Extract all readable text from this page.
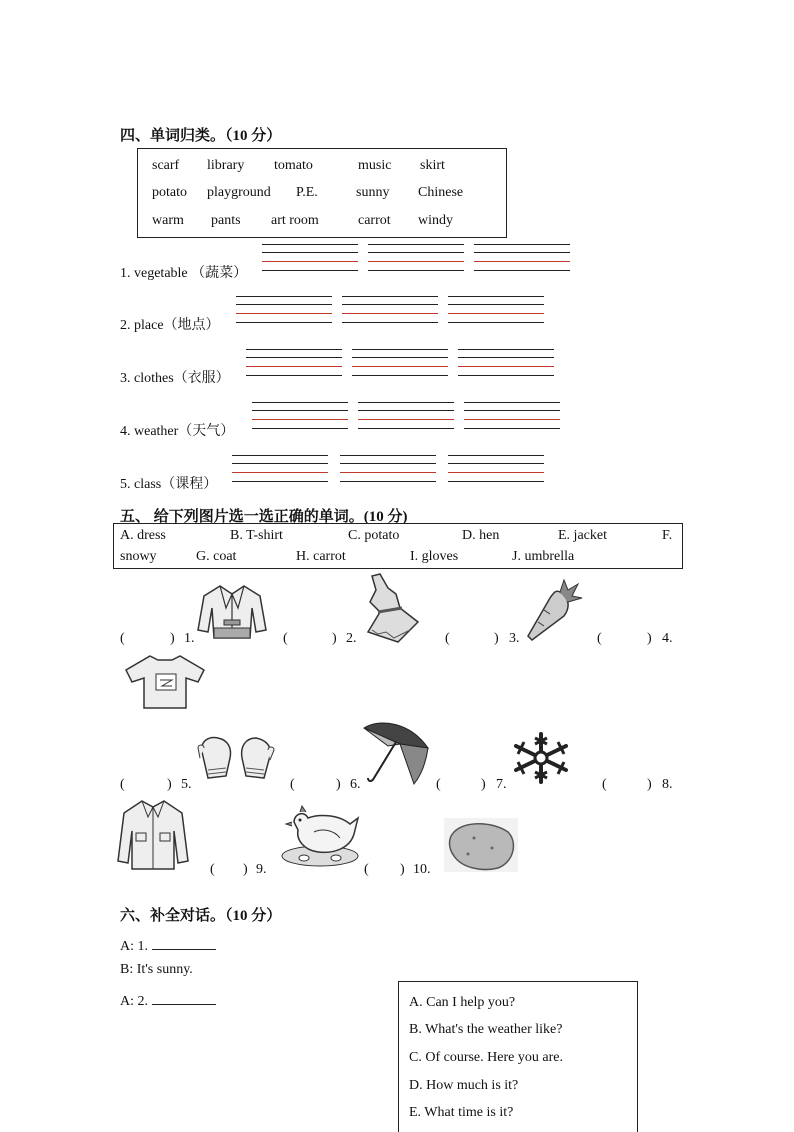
四、单词归类。（10 分）
scarf library tomato	music skirt
potato playground P.E.	sunny Chinese
warm pants art room	carrot windy
1. vegetable （蔬菜）
2. place（地点）
3. clothes（衣服）
4. weather（天气）
5. class（课程）
五、 给下列图片选一选正确的单词。(10 分)
A. dress	B. T-shirt	C. potato	D. hen	E. jacket	F.
snowy	G. coat	H. carrot	I. gloves	J. umbrella
(	) 1.	(	) 2.	(	) 3.	(	) 4.
(	) 5.	(	) 6.	(	) 7.	(	) 8.
( ) 9.	( ) 10.
六、补全对话。（10 分）
A: 1.
B: It's sunny.
A: 2.	A. Can I help you?
B. What's the weather like?
C. Of course. Here you are.
D. How much is it?
E. What time is it?
